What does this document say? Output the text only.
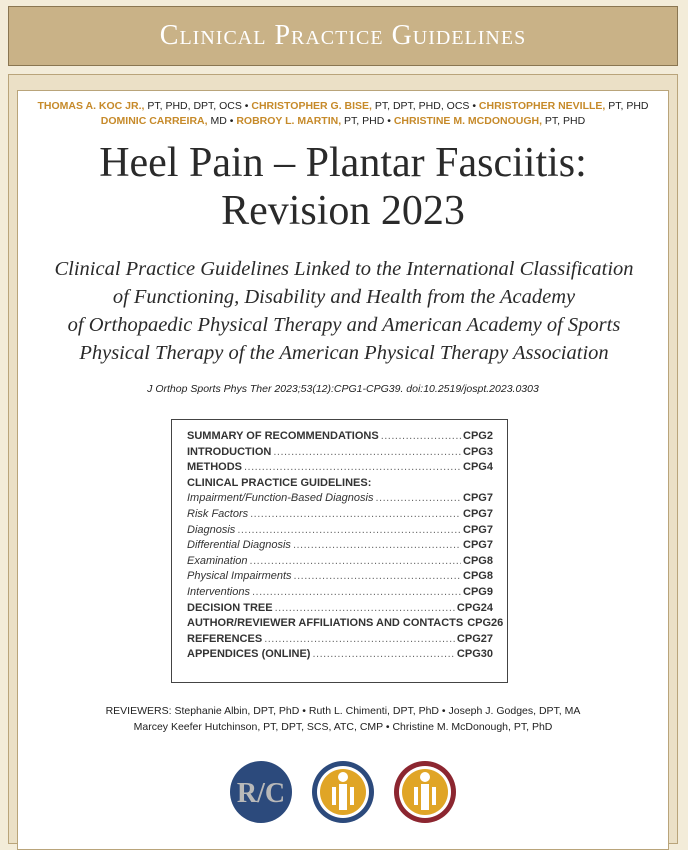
Clinical Practice Guidelines
THOMAS A. KOC JR., PT, PHD, DPT, OCS • CHRISTOPHER G. BISE, PT, DPT, PHD, OCS • CHRISTOPHER NEVILLE, PT, PHD
DOMINIC CARREIRA, MD • ROBROY L. MARTIN, PT, PHD • CHRISTINE M. MCDONOUGH, PT, PHD
Heel Pain – Plantar Fasciitis:
Revision 2023
Clinical Practice Guidelines Linked to the International Classification
of Functioning, Disability and Health from the Academy
of Orthopaedic Physical Therapy and American Academy of Sports
Physical Therapy of the American Physical Therapy Association
J Orthop Sports Phys Ther 2023;53(12):CPG1-CPG39. doi:10.2519/jospt.2023.0303
SUMMARY OF RECOMMENDATIONS .....	CPG2
INTRODUCTION .....	CPG3
METHODS .....	CPG4
CLINICAL PRACTICE GUIDELINES:
Impairment/Function-Based Diagnosis .....	CPG7
Risk Factors .....	CPG7
Diagnosis .....	CPG7
Differential Diagnosis .....	CPG7
Examination .....	CPG8
Physical Impairments .....	CPG8
Interventions .....	CPG9
DECISION TREE .....	CPG24
AUTHOR/REVIEWER AFFILIATIONS AND CONTACTS CPG26
REFERENCES .....	CPG27
APPENDICES (ONLINE) .....	CPG30
REVIEWERS: Stephanie Albin, DPT, PhD • Ruth L. Chimenti, DPT, PhD • Joseph J. Godges, DPT, MA
Marcey Keefer Hutchinson, PT, DPT, SCS, ATC, CMP • Christine M. McDonough, PT, PhD
R/C
